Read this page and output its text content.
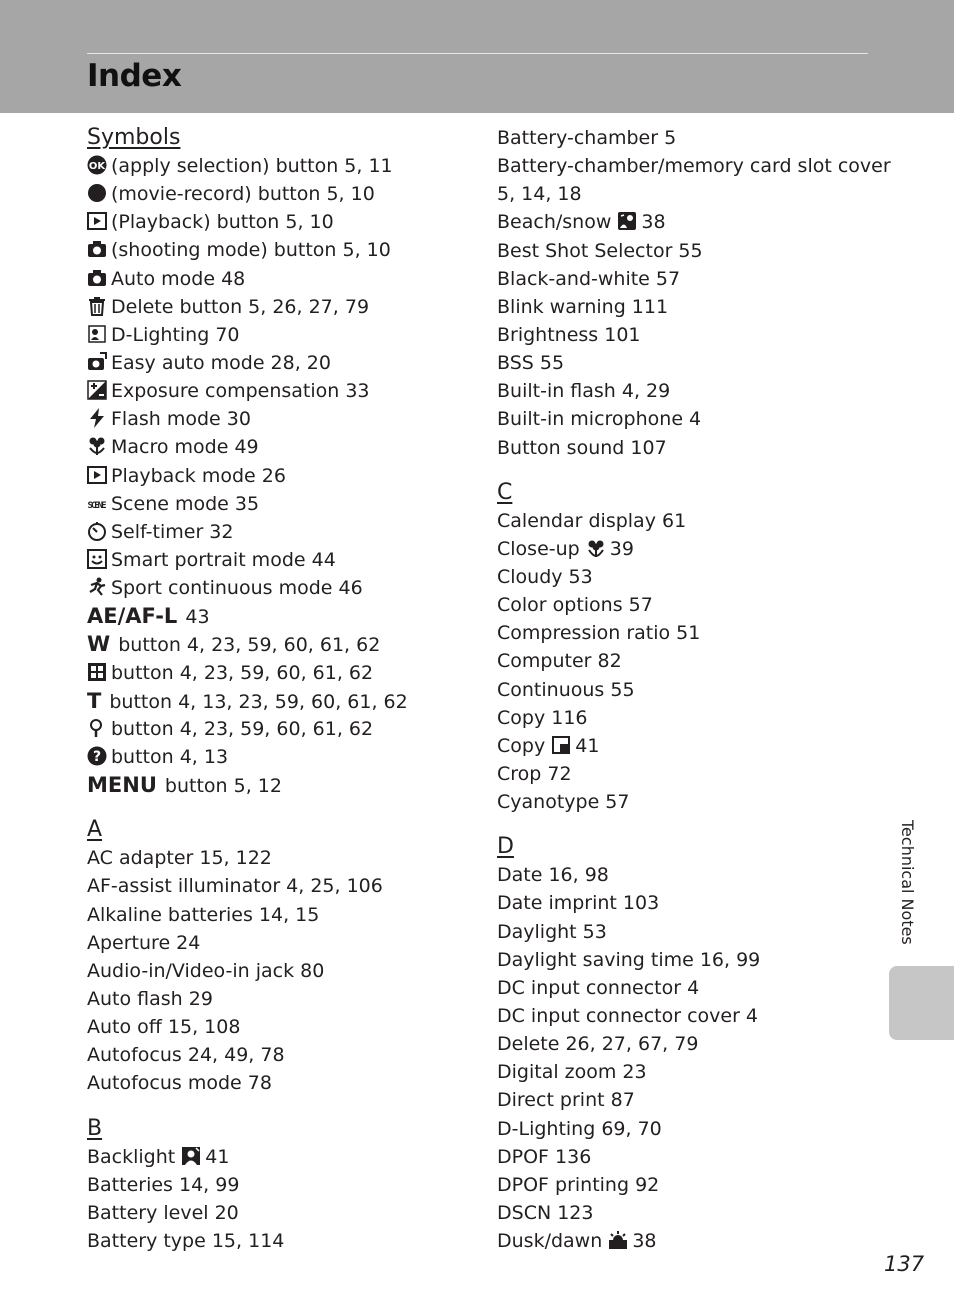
Index
Symbols
OK (apply selection) button 5, 11
(movie-record) button 5, 10
(Playback) button 5, 10
(shooting mode) button 5, 10
Auto mode 48
Delete button 5, 26, 27, 79
D-Lighting 70
Easy auto mode 28, 20
Exposure compensation 33
Flash mode 30
Macro mode 49
Playback mode 26
SCENE Scene mode 35
Self-timer 32
Smart portrait mode 44
Sport continuous mode 46
AE/AF-L 43
W button 4, 23, 59, 60, 61, 62
button 4, 23, 59, 60, 61, 62
T button 4, 13, 23, 59, 60, 61, 62
button 4, 23, 59, 60, 61, 62
? button 4, 13
MENU button 5, 12
A
AC adapter 15, 122
AF-assist illuminator 4, 25, 106
Alkaline batteries 14, 15
Aperture 24
Audio-in/Video-in jack 80
Auto flash 29
Auto off 15, 108
Autofocus 24, 49, 78
Autofocus mode 78
B
Backlight 41
Batteries 14, 99
Battery level 20
Battery type 15, 114
Battery-chamber 5
Battery-chamber/memory card slot cover
5, 14, 18
Beach/snow 38
Best Shot Selector 55
Black-and-white 57
Blink warning 111
Brightness 101
BSS 55
Built-in flash 4, 29
Built-in microphone 4
Button sound 107
C
Calendar display 61
Close-up 39
Cloudy 53
Color options 57
Compression ratio 51
Computer 82
Continuous 55
Copy 116
Copy 41
Crop 72
Cyanotype 57
D
Date 16, 98
Date imprint 103
Daylight 53
Daylight saving time 16, 99
DC input connector 4
DC input connector cover 4
Delete 26, 27, 67, 79
Digital zoom 23
Direct print 87
D-Lighting 69, 70
DPOF 136
DPOF printing 92
DSCN 123
Dusk/dawn 38
Technical Notes
137
